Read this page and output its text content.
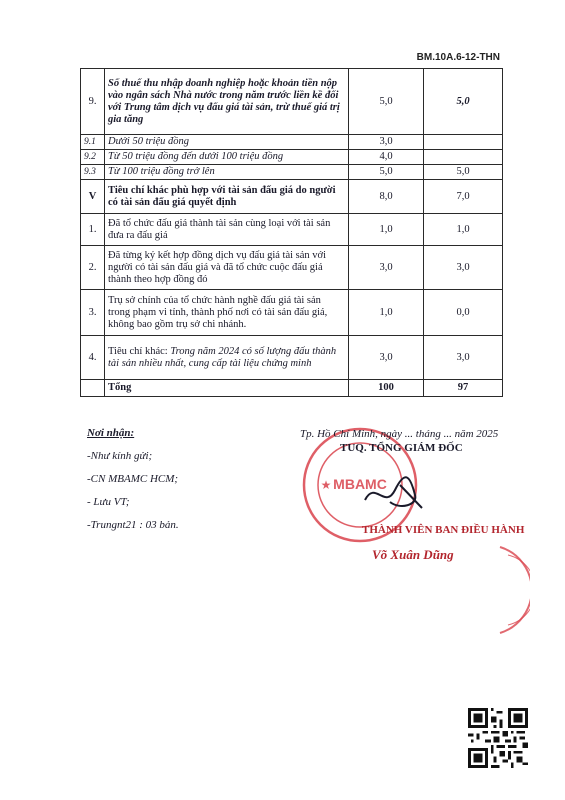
BM.10A.6-12-THN
9.	Số thuế thu nhập doanh nghiệp hoặc khoản tiền nộp vào ngân sách Nhà nước trong năm trước liền kề đối với Trung tâm dịch vụ đấu giá tài sản, trừ thuế giá trị gia tăng	5,0	5,0
9.1	Dưới 50 triệu đồng	3,0	
9.2	Từ 50 triệu đồng đến dưới 100 triệu đồng	4,0	
9.3	Từ 100 triệu đồng trở lên	5,0	5,0
V	Tiêu chí khác phù hợp với tài sản đấu giá do người có tài sản đấu giá quyết định	8,0	7,0
1.	Đã tổ chức đấu giá thành tài sản cùng loại với tài sản đưa ra đấu giá	1,0	1,0
2.	Đã từng ký kết hợp đồng dịch vụ đấu giá tài sản với người có tài sản đấu giá và đã tổ chức cuộc đấu giá thành theo hợp đồng đó	3,0	3,0
3.	Trụ sở chính của tổ chức hành nghề đấu giá tài sản trong phạm vi tỉnh, thành phố nơi có tài sản đấu giá, không bao gồm trụ sở chi nhánh.	1,0	0,0
4.	Tiêu chí khác: Trong năm 2024 có số lượng đấu thành tài sản nhiều nhất, cung cấp tài liệu chứng minh	3,0	3,0
	Tổng	100	97
Nơi nhận:
-Như kính gửi;
-CN MBAMC HCM;
- Lưu VT;
-Trungnt21 : 03 bản.
MBAMC
★
Tp. Hồ Chí Minh, ngày ... tháng ... năm 2025
TUQ. TỔNG GIÁM ĐỐC
THÀNH VIÊN BAN ĐIỀU HÀNH
Võ Xuân Dũng
